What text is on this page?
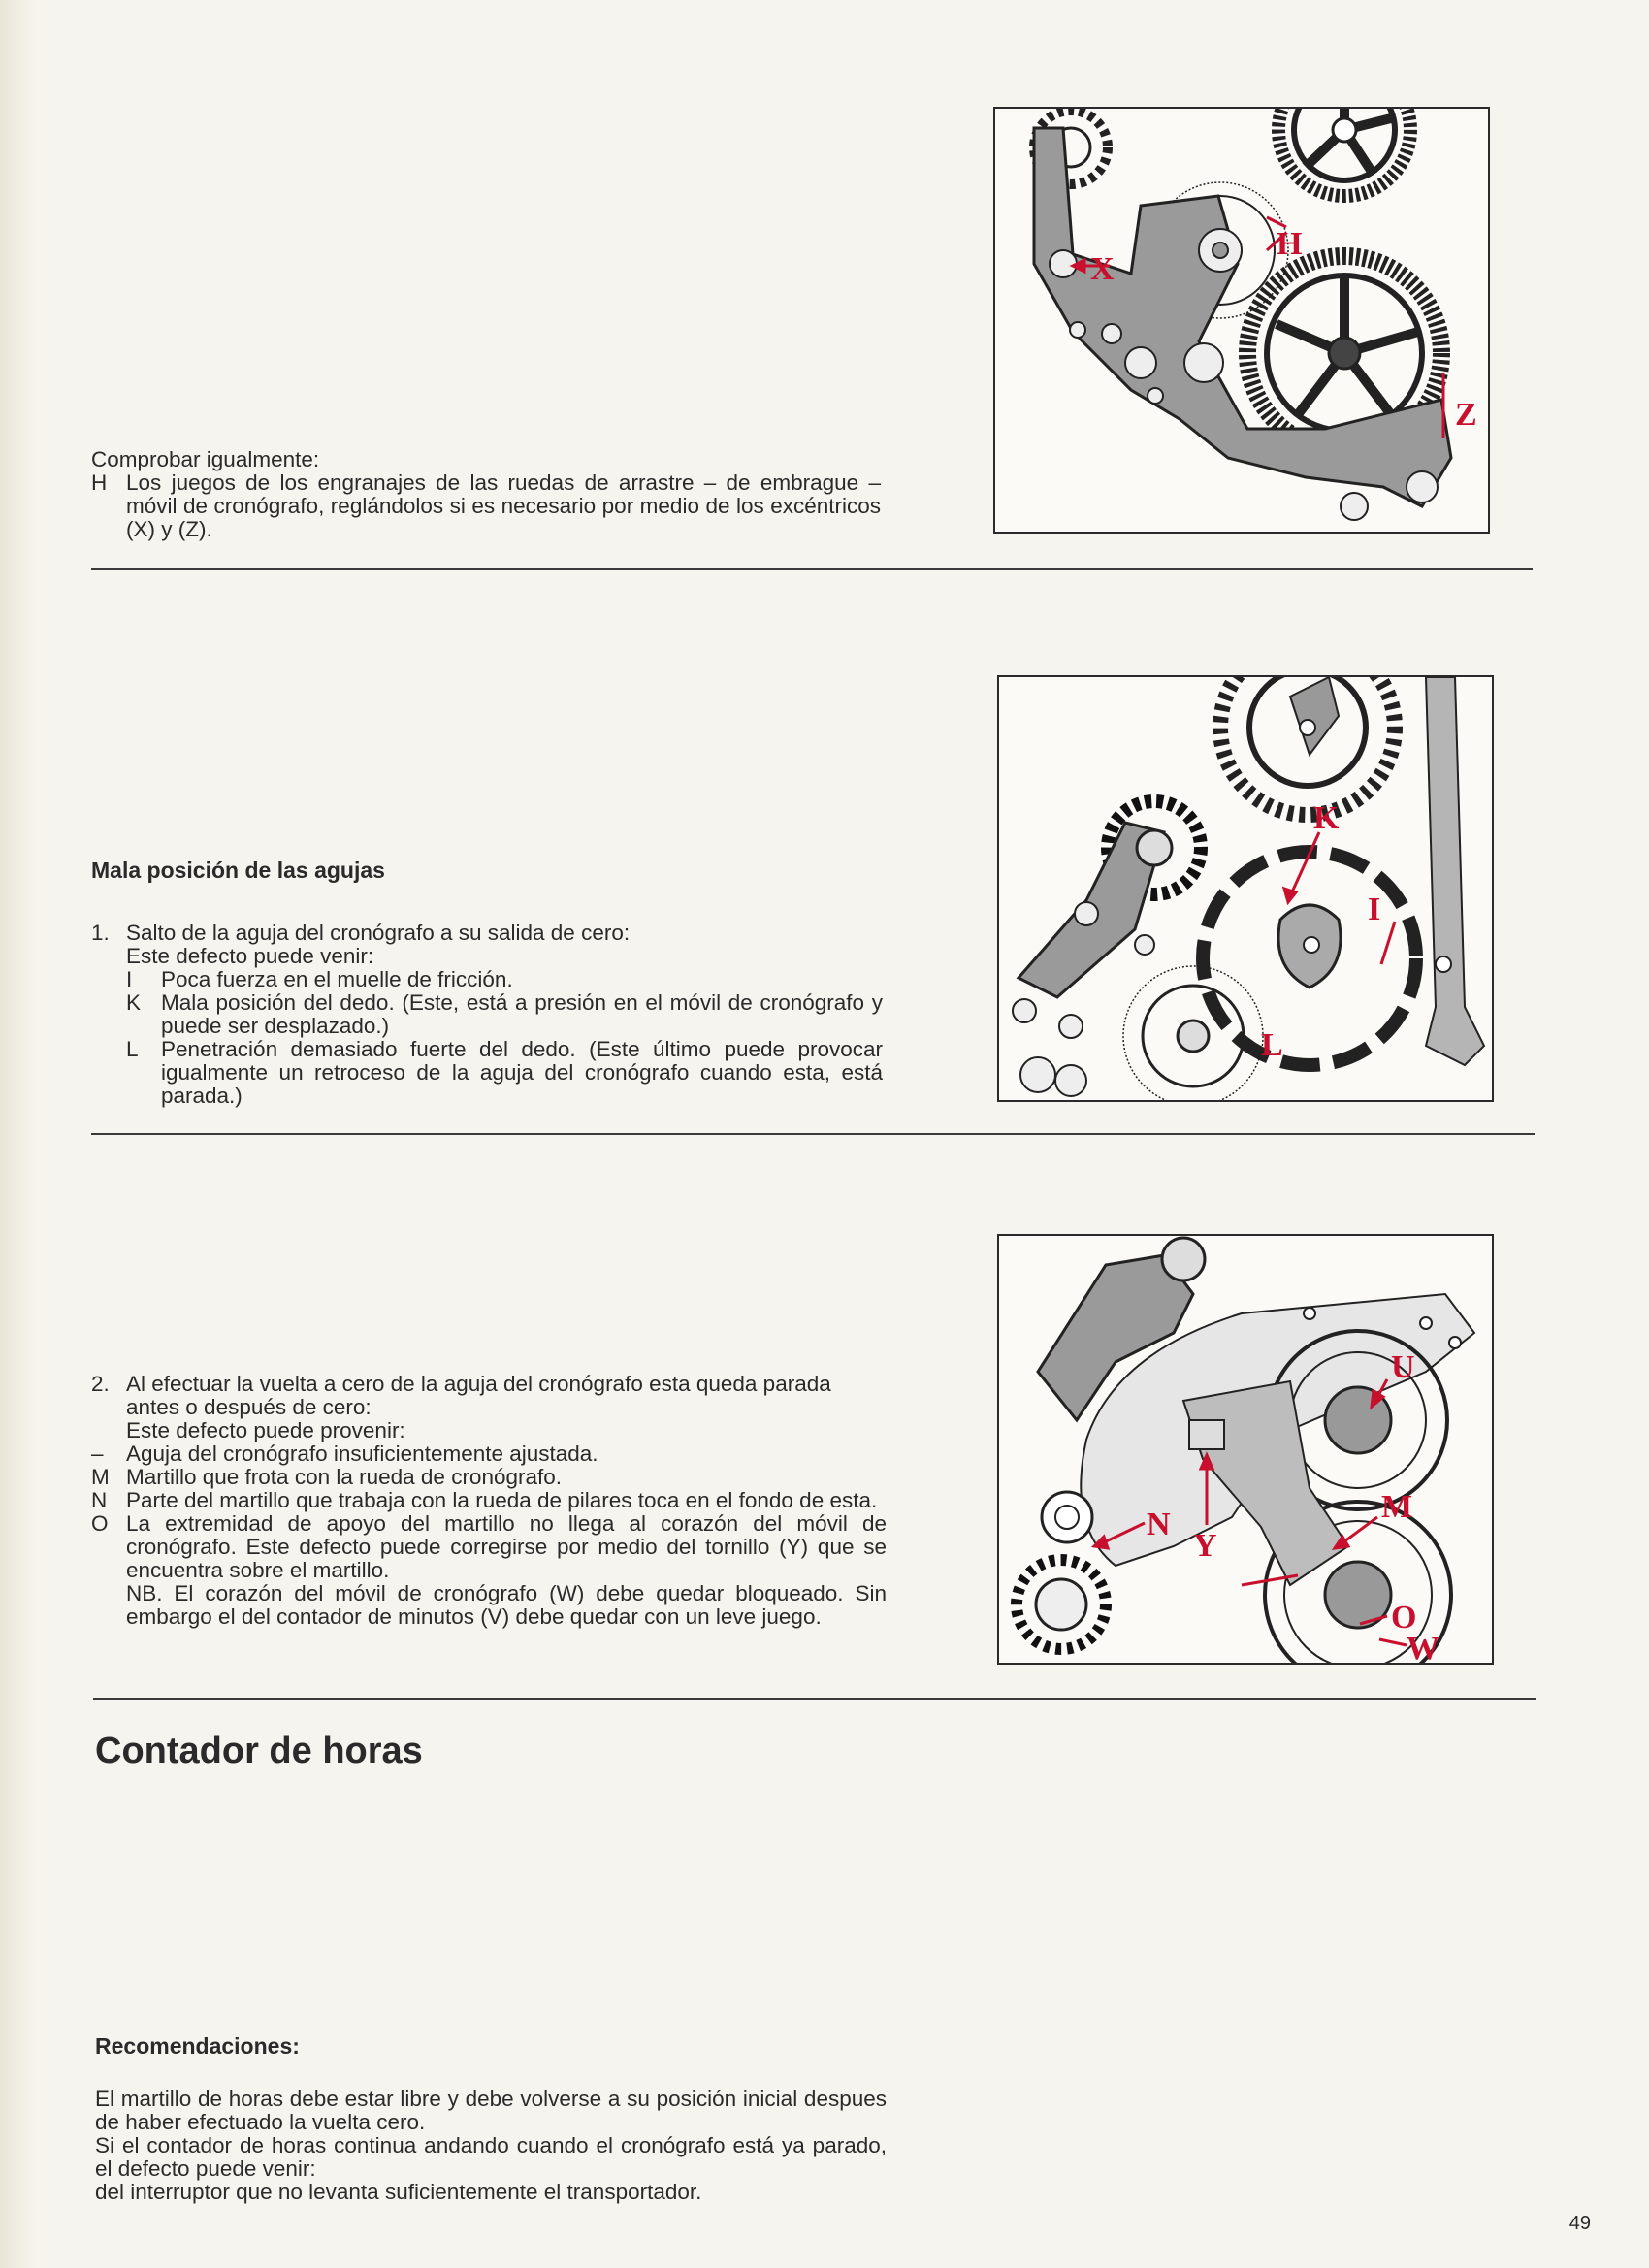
X
H
Z

Comprobar igualmente:

H Los juegos de los engranajes de las ruedas de arrastre – de embrague – móvil de cronógrafo, reglándolos si es necesario por medio de los excéntricos (X) y (Z).
K
I
L
Mala posición de las agujas
1. Salto de la aguja del cronógrafo a su salida de cero:

Este defecto puede venir:

I Poca fuerza en el muelle de fricción.
K Mala posición del dedo. (Este, está a presión en el móvil de cronógrafo y puede ser desplazado.)
L Penetración demasiado fuerte del dedo. (Este último puede provocar igualmente un retroceso de la aguja del cronógrafo cuando esta, está parada.)
U
M
N
Y
O
W
2. Al efectuar la vuelta a cero de la aguja del cronógrafo esta queda parada antes o después de cero:

Este defecto puede provenir:

– Aguja del cronógrafo insuficientemente ajustada.
M Martillo que frota con la rueda de cronógrafo.
N Parte del martillo que trabaja con la rueda de pilares toca en el fondo de esta.
O La extremidad de apoyo del martillo no llega al corazón del móvil de cronógrafo. Este defecto puede corregirse por medio del tornillo (Y) que se encuentra sobre el martillo.
NB. El corazón del móvil de cronógrafo (W) debe quedar bloqueado. Sin embargo el del contador de minutos (V) debe quedar con un leve juego.
Contador de horas
Recomendaciones:

El martillo de horas debe estar libre y debe volverse a su posición inicial despues de haber efectuado la vuelta cero.

Si el contador de horas continua andando cuando el cronógrafo está ya parado, el defecto puede venir:

del interruptor que no levanta suficientemente el transportador.

49
